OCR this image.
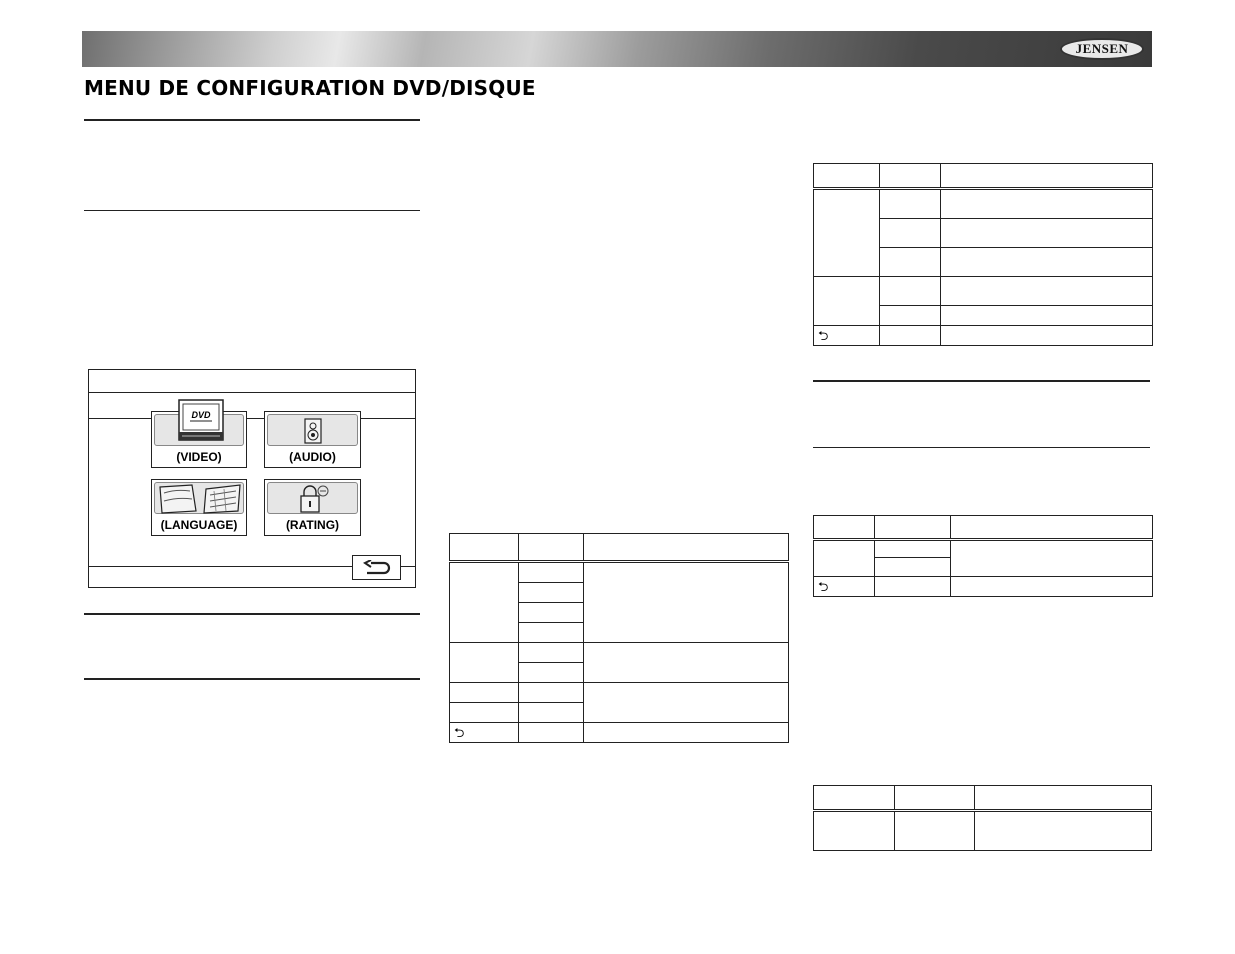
JENSEN
MENU DE CONFIGURATION DVD/DISQUE
DVD
(VIDEO)	(AUDIO)
(LANGUAGE)	(RATING)

⮌		

⮌		

⮌		
